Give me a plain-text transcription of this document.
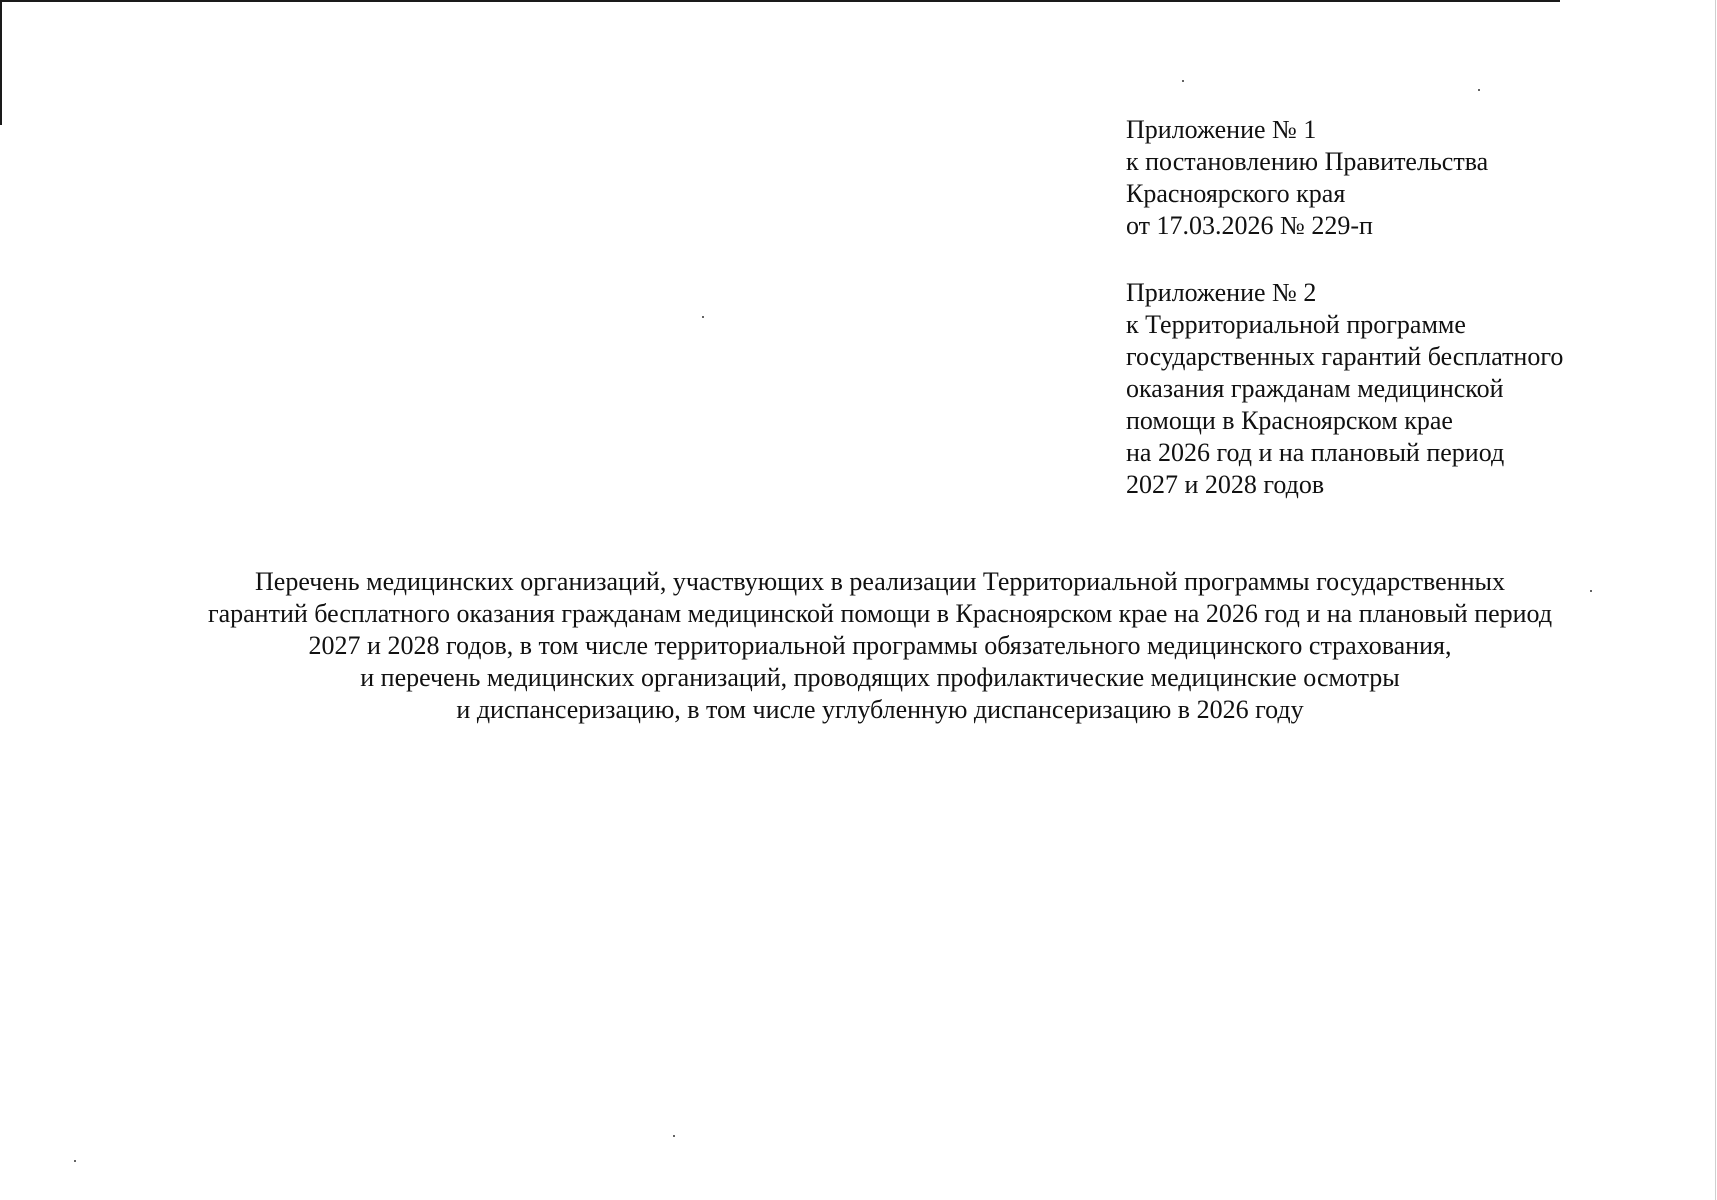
Приложение № 1
к постановлению Правительства
Красноярского края
от 17.03.2026 № 229-п
Приложение № 2
к Территориальной программе
государственных гарантий бесплатного
оказания гражданам медицинской
помощи в Красноярском крае
на 2026 год и на плановый период
2027 и 2028 годов
Перечень медицинских организаций, участвующих в реализации Территориальной программы государственных
гарантий бесплатного оказания гражданам медицинской помощи в Красноярском крае на 2026 год и на плановый период
2027 и 2028 годов, в том числе территориальной программы обязательного медицинского страхования,
и перечень медицинских организаций, проводящих профилактические медицинские осмотры
и диспансеризацию, в том числе углубленную диспансеризацию в 2026 году
